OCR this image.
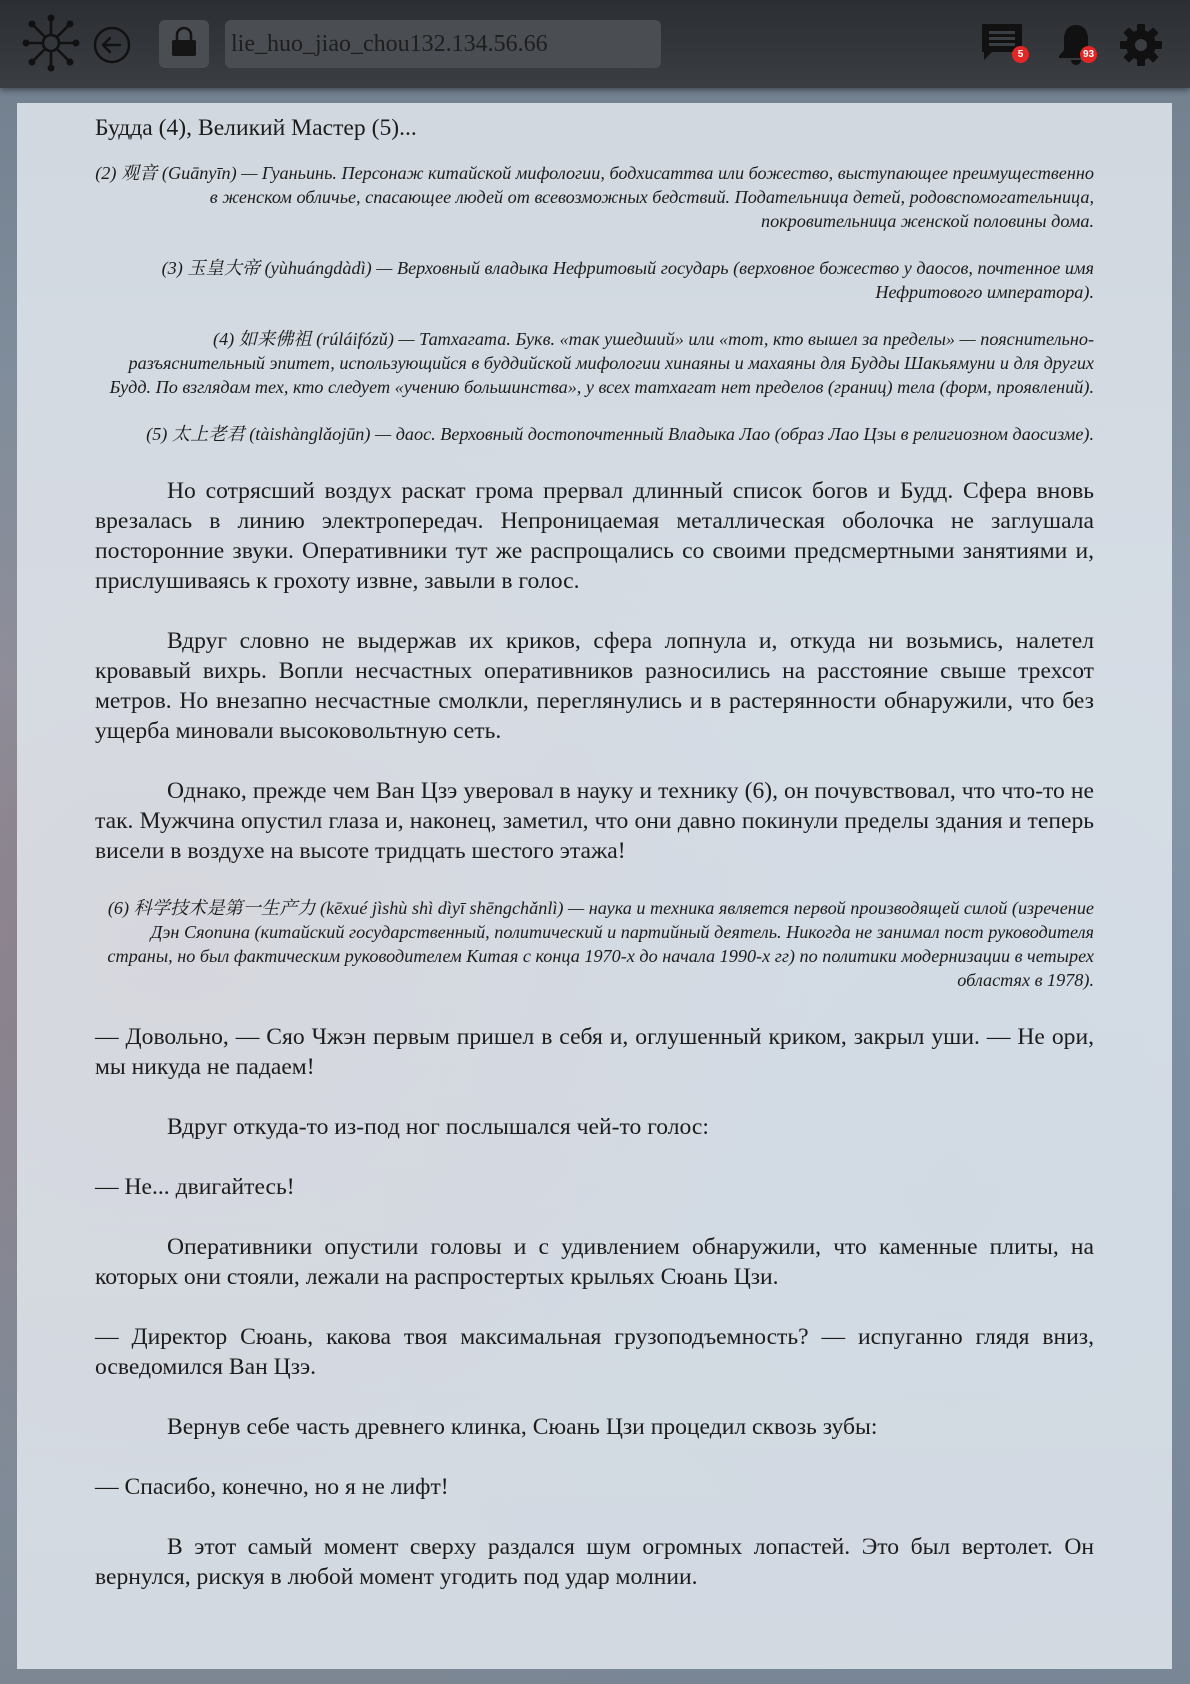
lie_huo_jiao_chou132.134.56.66	5	93

Будда (4), Великий Мастер (5)...

(2) 观音 (Guānyīn) — Гуаньинь. Персонаж китайской мифологии, бодхисаттва или божество, выступающее преимущественно в женском обличье, спасающее людей от всевозможных бедствий. Подательница детей, родовспомогательница, покровительница женской половины дома.

(3) 玉皇大帝 (yùhuángdàdì) — Верховный владыка Нефритовый государь (верховное божество у даосов, почтенное имя Нефритового императора).

(4) 如来佛祖 (rúláifózǔ) — Татхагата. Букв. «так ушедший» или «тот, кто вышел за пределы» — пояснительно-разъяснительный эпитет, использующийся в буддийской мифологии хинаяны и махаяны для Будды Шакьямуни и для других Будд. По взглядам тех, кто следует «учению большинства», у всех татхагат нет пределов (границ) тела (форм, проявлений).

(5) 太上老君 (tàishànglǎojūn) — даос. Верховный достопочтенный Владыка Лао (образ Лао Цзы в религиозном даосизме).

Но сотрясший воздух раскат грома прервал длинный список богов и Будд. Сфера вновь врезалась в линию электропередач. Непроницаемая металлическая оболочка не заглушала посторонние звуки. Оперативники тут же распрощались со своими предсмертными занятиями и, прислушиваясь к грохоту извне, завыли в голос.

Вдруг словно не выдержав их криков, сфера лопнула и, откуда ни возьмись, налетел кровавый вихрь. Вопли несчастных оперативников разносились на расстояние свыше трехсот метров. Но внезапно несчастные смолкли, переглянулись и в растерянности обнаружили, что без ущерба миновали высоковольтную сеть.

Однако, прежде чем Ван Цзэ уверовал в науку и технику (6), он почувствовал, что что-то не так. Мужчина опустил глаза и, наконец, заметил, что они давно покинули пределы здания и теперь висели в воздухе на высоте тридцать шестого этажа!

(6) 科学技术是第一生产力 (kēxué jìshù shì dìyī shēngchǎnlì) — наука и техника является первой производящей силой (изречение Дэн Сяопина (китайский государственный, политический и партийный деятель. Никогда не занимал пост руководителя страны, но был фактическим руководителем Китая с конца 1970-х до начала 1990-х гг) по политики модернизации в четырех областях в 1978).

— Довольно, — Сяо Чжэн первым пришел в себя и, оглушенный криком, закрыл уши. — Не ори, мы никуда не падаем!

Вдруг откуда-то из-под ног послышался чей-то голос:

— Не... двигайтесь!

Оперативники опустили головы и с удивлением обнаружили, что каменные плиты, на которых они стояли, лежали на распростертых крыльях Сюань Цзи.

— Директор Сюань, какова твоя максимальная грузоподъемность? — испуганно глядя вниз, осведомился Ван Цзэ.

Вернув себе часть древнего клинка, Сюань Цзи процедил сквозь зубы:

— Спасибо, конечно, но я не лифт!

В этот самый момент сверху раздался шум огромных лопастей. Это был вертолет. Он вернулся, рискуя в любой момент угодить под удар молнии.
